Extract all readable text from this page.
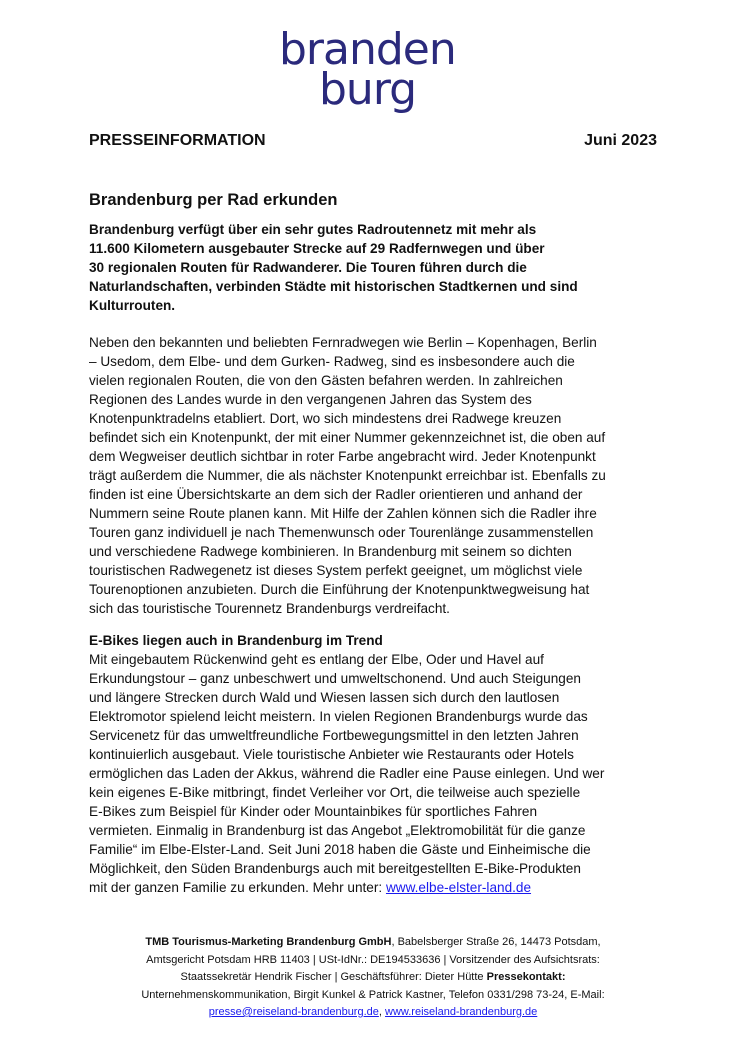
branden
burg
PRESSEINFORMATION	Juni 2023
Brandenburg per Rad erkunden

Brandenburg verfügt über ein sehr gutes Radroutennetz mit mehr als
11.600 Kilometern ausgebauter Strecke auf 29 Radfernwegen und über
30 regionalen Routen für Radwanderer. Die Touren führen durch die
Naturlandschaften, verbinden Städte mit historischen Stadtkernen und sind
Kulturrouten.

Neben den bekannten und beliebten Fernradwegen wie Berlin – Kopenhagen, Berlin
– Usedom, dem Elbe- und dem Gurken- Radweg, sind es insbesondere auch die
vielen regionalen Routen, die von den Gästen befahren werden. In zahlreichen
Regionen des Landes wurde in den vergangenen Jahren das System des
Knotenpunktradelns etabliert. Dort, wo sich mindestens drei Radwege kreuzen
befindet sich ein Knotenpunkt, der mit einer Nummer gekennzeichnet ist, die oben auf
dem Wegweiser deutlich sichtbar in roter Farbe angebracht wird. Jeder Knotenpunkt
trägt außerdem die Nummer, die als nächster Knotenpunkt erreichbar ist. Ebenfalls zu
finden ist eine Übersichtskarte an dem sich der Radler orientieren und anhand der
Nummern seine Route planen kann. Mit Hilfe der Zahlen können sich die Radler ihre
Touren ganz individuell je nach Themenwunsch oder Tourenlänge zusammenstellen
und verschiedene Radwege kombinieren. In Brandenburg mit seinem so dichten
touristischen Radwegenetz ist dieses System perfekt geeignet, um möglichst viele
Tourenoptionen anzubieten. Durch die Einführung der Knotenpunktwegweisung hat
sich das touristische Tourennetz Brandenburgs verdreifacht.

E-Bikes liegen auch in Brandenburg im Trend

Mit eingebautem Rückenwind geht es entlang der Elbe, Oder und Havel auf
Erkundungstour – ganz unbeschwert und umweltschonend. Und auch Steigungen
und längere Strecken durch Wald und Wiesen lassen sich durch den lautlosen
Elektromotor spielend leicht meistern. In vielen Regionen Brandenburgs wurde das
Servicenetz für das umweltfreundliche Fortbewegungsmittel in den letzten Jahren
kontinuierlich ausgebaut. Viele touristische Anbieter wie Restaurants oder Hotels
ermöglichen das Laden der Akkus, während die Radler eine Pause einlegen. Und wer
kein eigenes E-Bike mitbringt, findet Verleiher vor Ort, die teilweise auch spezielle
E-Bikes zum Beispiel für Kinder oder Mountainbikes für sportliches Fahren
vermieten. Einmalig in Brandenburg ist das Angebot „Elektromobilität für die ganze
Familie“ im Elbe-Elster-Land. Seit Juni 2018 haben die Gäste und Einheimische die
Möglichkeit, den Süden Brandenburgs auch mit bereitgestellten E-Bike-Produkten
mit der ganzen Familie zu erkunden. Mehr unter: www.elbe-elster-land.de

TMB Tourismus-Marketing Brandenburg GmbH, Babelsberger Straße 26, 14473 Potsdam,
Amtsgericht Potsdam HRB 11403 | USt-IdNr.: DE194533636 | Vorsitzender des Aufsichtsrats:
Staatssekretär Hendrik Fischer | Geschäftsführer: Dieter Hütte Pressekontakt:
Unternehmenskommunikation, Birgit Kunkel & Patrick Kastner, Telefon 0331/298 73-24, E-Mail:
presse@reiseland-brandenburg.de, www.reiseland-brandenburg.de
